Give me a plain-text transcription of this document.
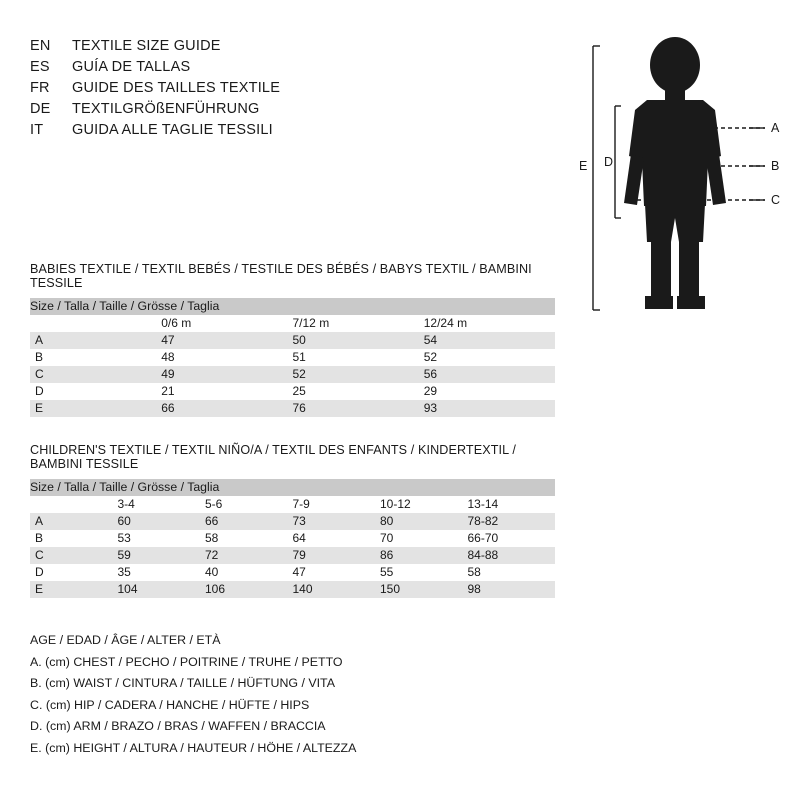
EN	TEXTILE SIZE GUIDE
ES	GUÍA DE TALLAS
FR	GUIDE DES TAILLES TEXTILE
DE	TEXTILGRÖßENFÜHRUNG
IT	GUIDA ALLE TAGLIE TESSILI	A
B
C
D
E
BABIES TEXTILE / TEXTIL BEBÉS / TESTILE DES BÉBÉS / BABYS TEXTIL / BAMBINI TESSILE
Size / Talla / Taille / Grösse / Taglia			
	0/6 m	7/12 m	12/24 m
A	47	50	54
B	48	51	52
C	49	52	56
D	21	25	29
E	66	76	93
CHILDREN'S TEXTILE / TEXTIL NIÑO/A / TEXTIL DES ENFANTS / KINDERTEXTIL / BAMBINI TESSILE
Size / Talla / Taille / Grösse / Taglia					
	3-4	5-6	7-9	10-12	13-14
A	60	66	73	80	78-82
B	53	58	64	70	66-70
C	59	72	79	86	84-88
D	35	40	47	55	58
E	104	106	140	150	98
AGE / EDAD / ÂGE / ALTER / ETÀ
A. (cm) CHEST / PECHO / POITRINE / TRUHE / PETTO
B. (cm) WAIST / CINTURA / TAILLE / HÜFTUNG / VITA
C. (cm) HIP / CADERA / HANCHE / HÜFTE / HIPS
D. (cm) ARM / BRAZO / BRAS / WAFFEN / BRACCIA
E. (cm) HEIGHT / ALTURA / HAUTEUR / HÖHE / ALTEZZA
